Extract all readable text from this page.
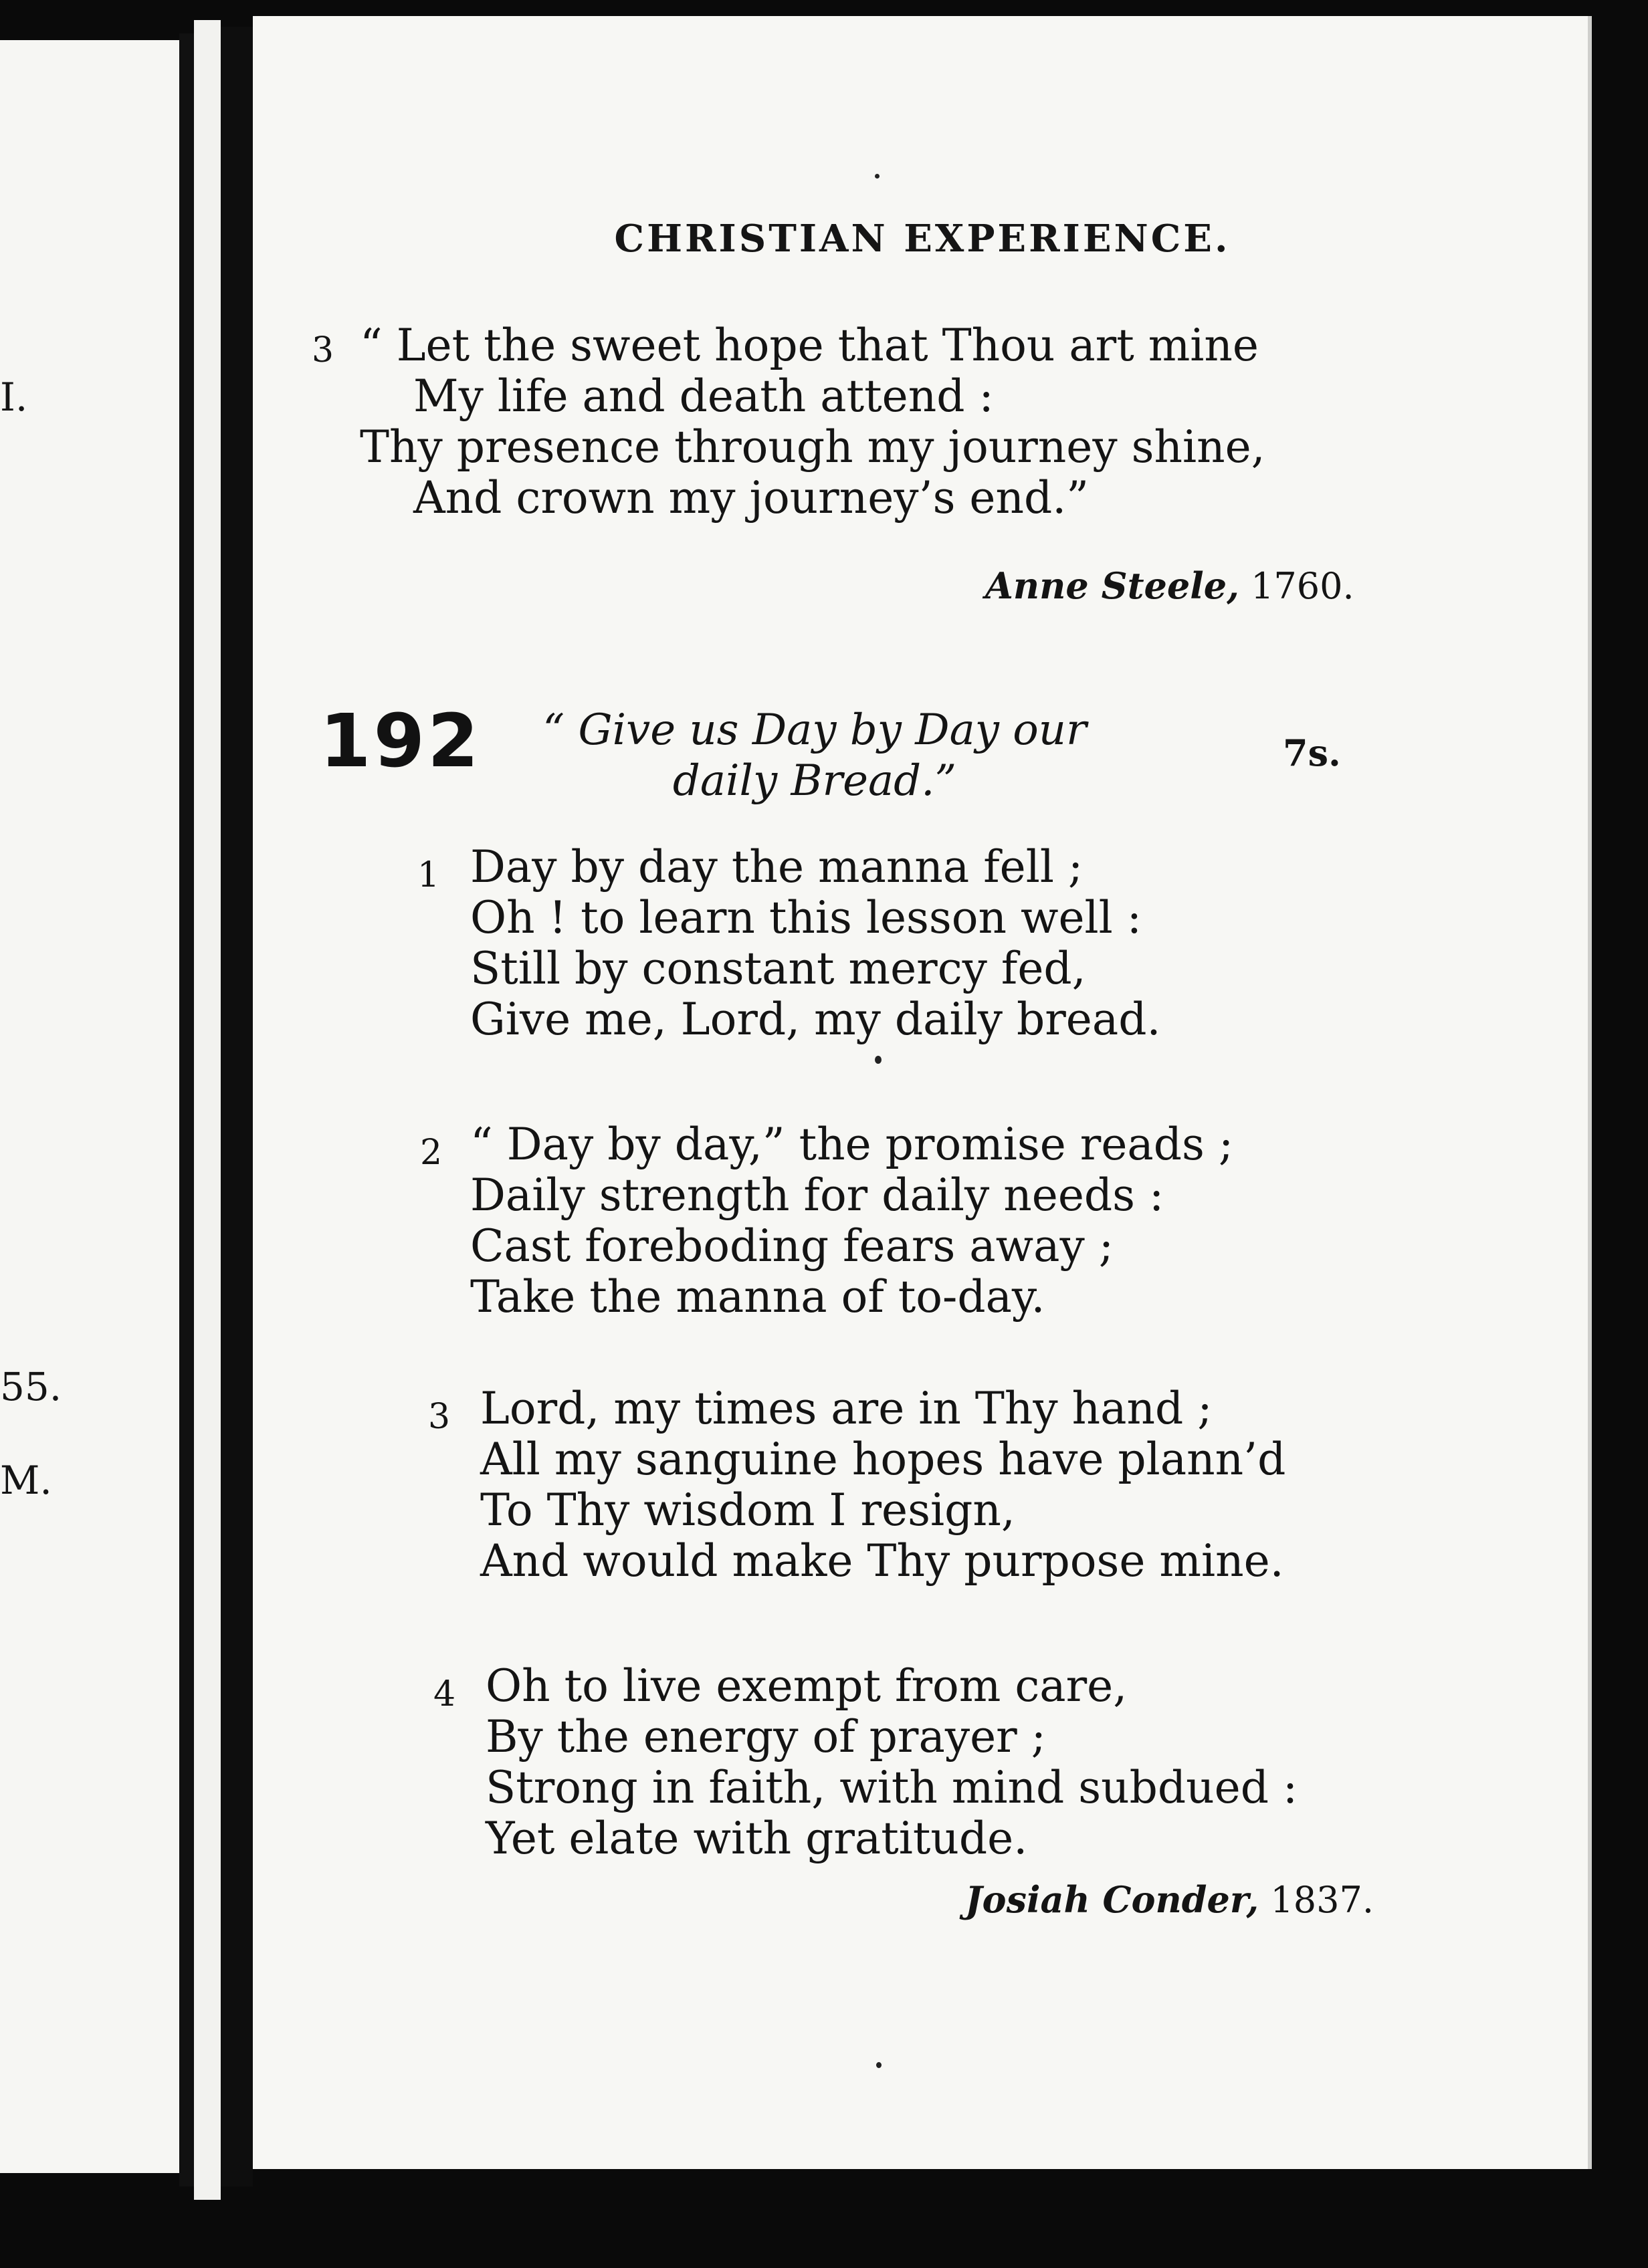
I.
55.
M.
CHRISTIAN EXPERIENCE.
3 “ Let the sweet hope that Thou art mine
My life and death attend :
Thy presence through my journey shine,
And crown my journey’s end.”
Anne Steele, 1760.
192	“ Give us Day by Day our
daily Bread.”
7s.
1 Day by day the manna fell ;
Oh ! to learn this lesson well :
Still by constant mercy fed,
Give me, Lord, my daily bread.
2 “ Day by day,” the promise reads ;
Daily strength for daily needs :
Cast foreboding fears away ;
Take the manna of to-day.
3 Lord, my times are in Thy hand ;
All my sanguine hopes have plann’d
To Thy wisdom I resign,
And would make Thy purpose mine.
4 Oh to live exempt from care,
By the energy of prayer ;
Strong in faith, with mind subdued :
Yet elate with gratitude.
Josiah Conder, 1837.
